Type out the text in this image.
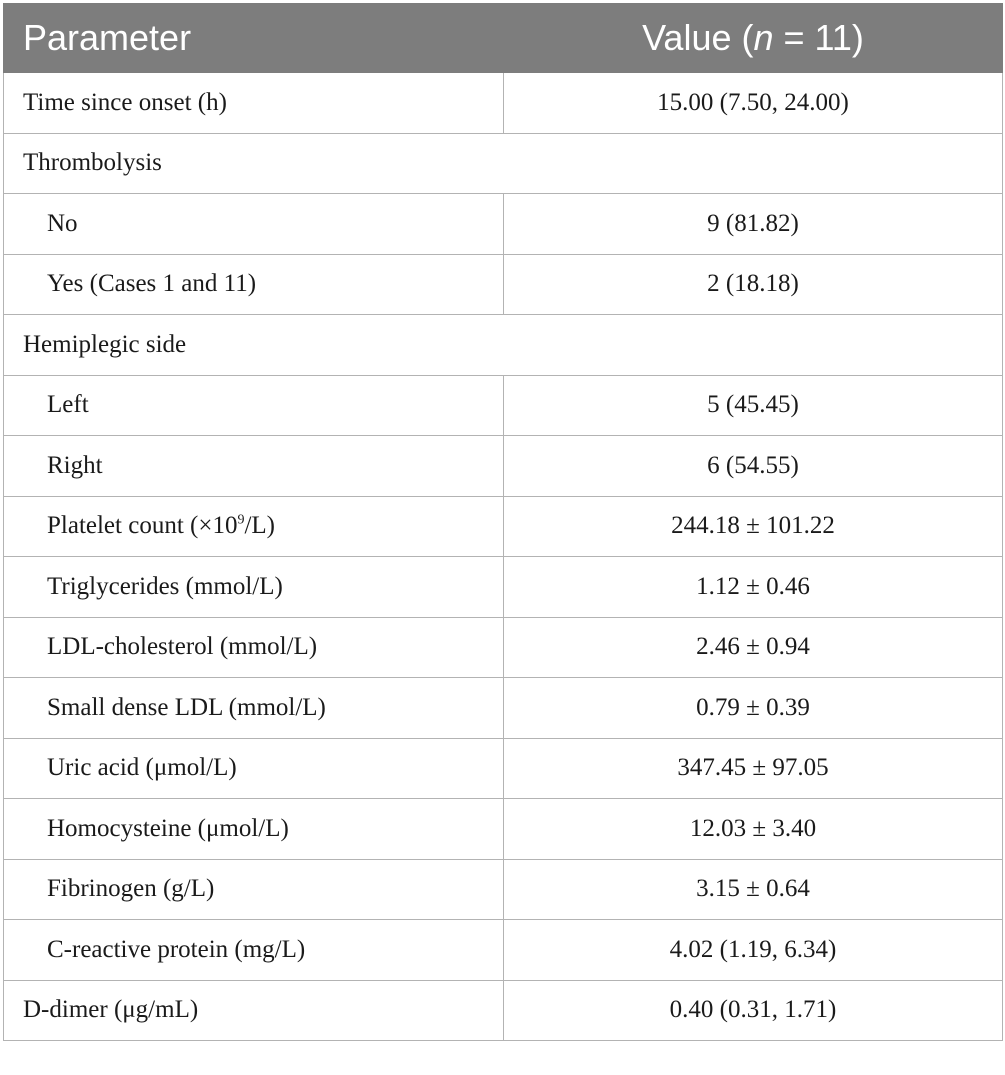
Parameter	Value (n = 11)
Time since onset (h)	15.00 (7.50, 24.00)
Thrombolysis	
No	9 (81.82)
Yes (Cases 1 and 11)	2 (18.18)
Hemiplegic side	
Left	5 (45.45)
Right	6 (54.55)
Platelet count $(\times 10^9/L)$	244.18 ± 101.22
Triglycerides (mmol/L)	1.12 ± 0.46
LDL-cholesterol (mmol/L)	2.46 ± 0.94
Small dense LDL (mmol/L)	0.79 ± 0.39
Uric acid (μmol/L)	347.45 ± 97.05
Homocysteine (μmol/L)	12.03 ± 3.40
Fibrinogen (g/L)	3.15 ± 0.64
C-reactive protein (mg/L)	4.02 (1.19, 6.34)
D-dimer (μg/mL)	0.40 (0.31, 1.71)
